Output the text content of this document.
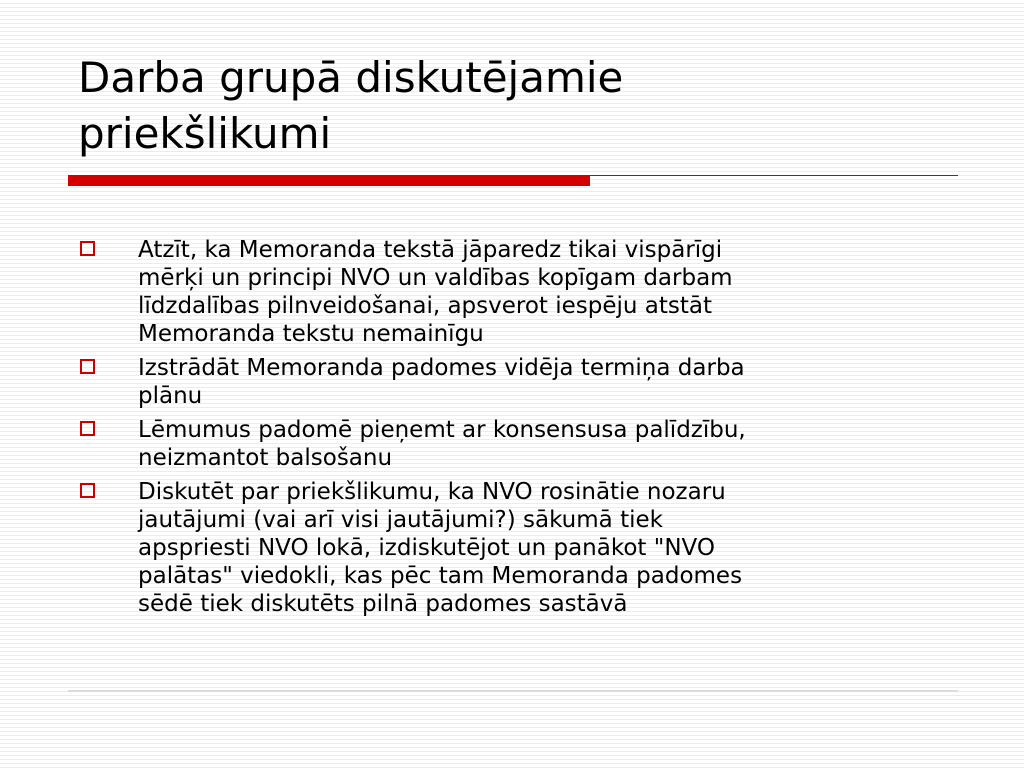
Darba grupā diskutējamie
priekšlikumi
Atzīt, ka Memoranda tekstā jāparedz tikai vispārīgi
mērķi un principi NVO un valdības kopīgam darbam
līdzdalības pilnveidošanai, apsverot iespēju atstāt
Memoranda tekstu nemainīgu
Izstrādāt Memoranda padomes vidēja termiņa darba
plānu
Lēmumus padomē pieņemt ar konsensusa palīdzību,
neizmantot balsošanu
Diskutēt par priekšlikumu, ka NVO rosinātie nozaru
jautājumi (vai arī visi jautājumi?) sākumā tiek
apspriesti NVO lokā, izdiskutējot un panākot "NVO
palātas" viedokli, kas pēc tam Memoranda padomes
sēdē tiek diskutēts pilnā padomes sastāvā
